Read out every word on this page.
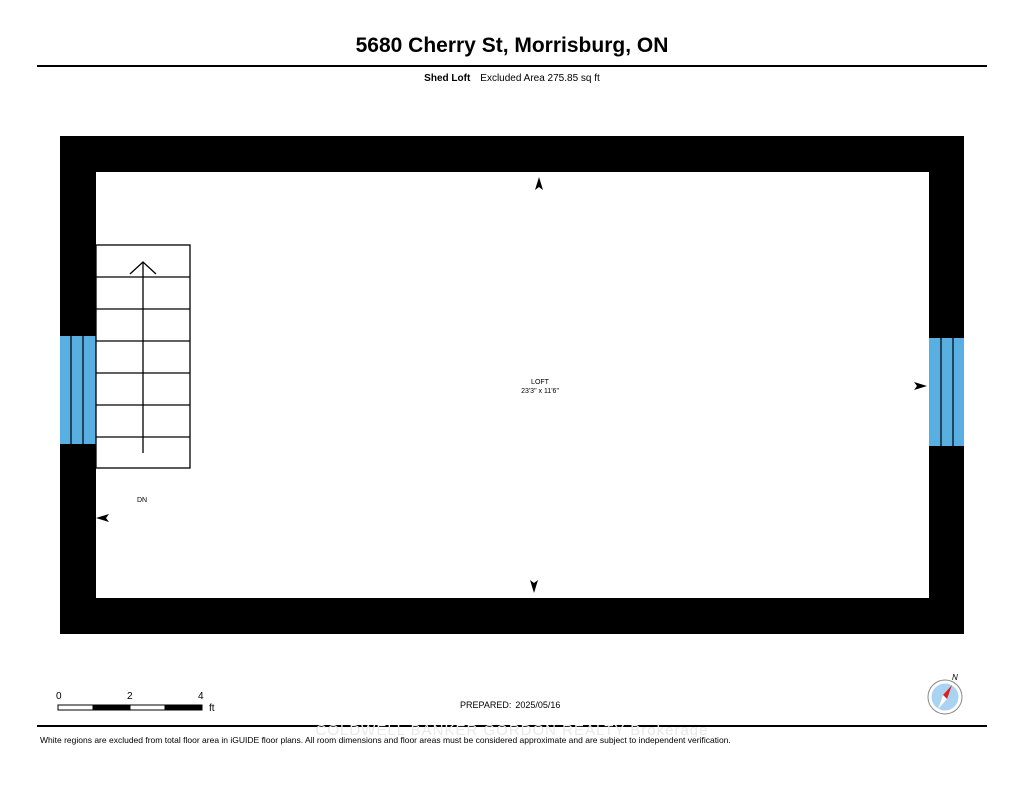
5680 Cherry St, Morrisburg, ON
Shed Loft Excluded Area 275.85 sq ft
LOFT
23'3" x 11'6"
DN
0	2	4
ft	PREPARED: 2025/05/16
N
COLDWELL BANKER GORDON REALTY Brokerage
White regions are excluded from total floor area in iGUIDE floor plans. All room dimensions and floor areas must be considered approximate and are subject to independent verification.
